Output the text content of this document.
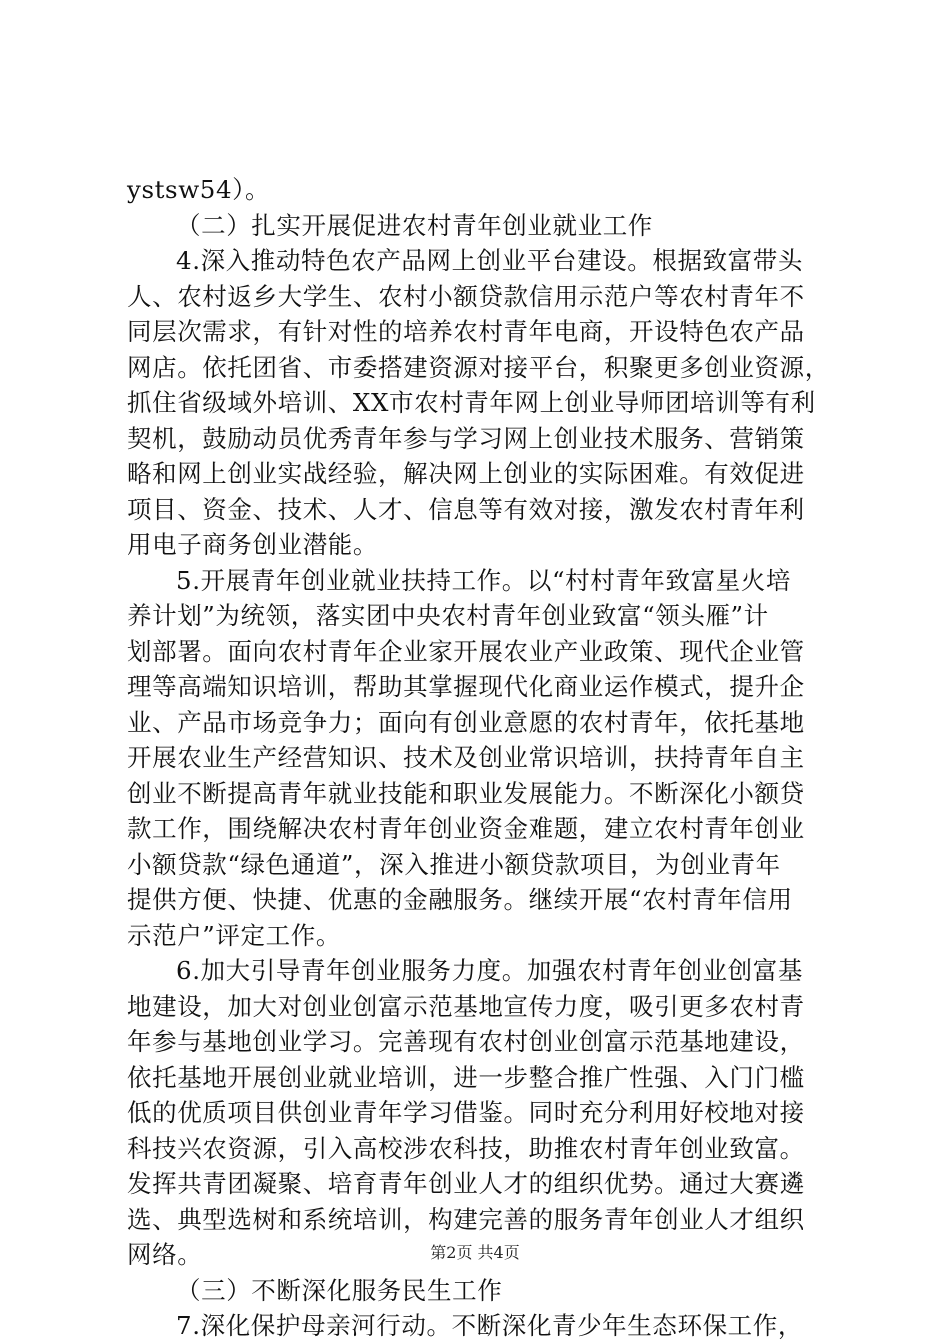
ystsw54）。
（二）扎实开展促进农村青年创业就业工作
4.深入推动特色农产品网上创业平台建设。根据致富带头
人、农村返乡大学生、农村小额贷款信用示范户等农村青年不
同层次需求，有针对性的培养农村青年电商，开设特色农产品
网店。依托团省、市委搭建资源对接平台，积聚更多创业资源，
抓住省级域外培训、XX市农村青年网上创业导师团培训等有利
契机，鼓励动员优秀青年参与学习网上创业技术服务、营销策
略和网上创业实战经验，解决网上创业的实际困难。有效促进
项目、资金、技术、人才、信息等有效对接，激发农村青年利
用电子商务创业潜能。
5.开展青年创业就业扶持工作。以“村村青年致富星火培
养计划”为统领，落实团中央农村青年创业致富“领头雁”计
划部署。面向农村青年企业家开展农业产业政策、现代企业管
理等高端知识培训，帮助其掌握现代化商业运作模式，提升企
业、产品市场竞争力；面向有创业意愿的农村青年，依托基地
开展农业生产经营知识、技术及创业常识培训，扶持青年自主
创业不断提高青年就业技能和职业发展能力。不断深化小额贷
款工作，围绕解决农村青年创业资金难题，建立农村青年创业
小额贷款“绿色通道”，深入推进小额贷款项目，为创业青年
提供方便、快捷、优惠的金融服务。继续开展“农村青年信用
示范户”评定工作。
6.加大引导青年创业服务力度。加强农村青年创业创富基
地建设，加大对创业创富示范基地宣传力度，吸引更多农村青
年参与基地创业学习。完善现有农村创业创富示范基地建设，
依托基地开展创业就业培训，进一步整合推广性强、入门门槛
低的优质项目供创业青年学习借鉴。同时充分利用好校地对接
科技兴农资源，引入高校涉农科技，助推农村青年创业致富。
发挥共青团凝聚、培育青年创业人才的组织优势。通过大赛遴
选、典型选树和系统培训，构建完善的服务青年创业人才组织
网络。
（三）不断深化服务民生工作
7.深化保护母亲河行动。不断深化青少年生态环保工作，
第2页 共4页
